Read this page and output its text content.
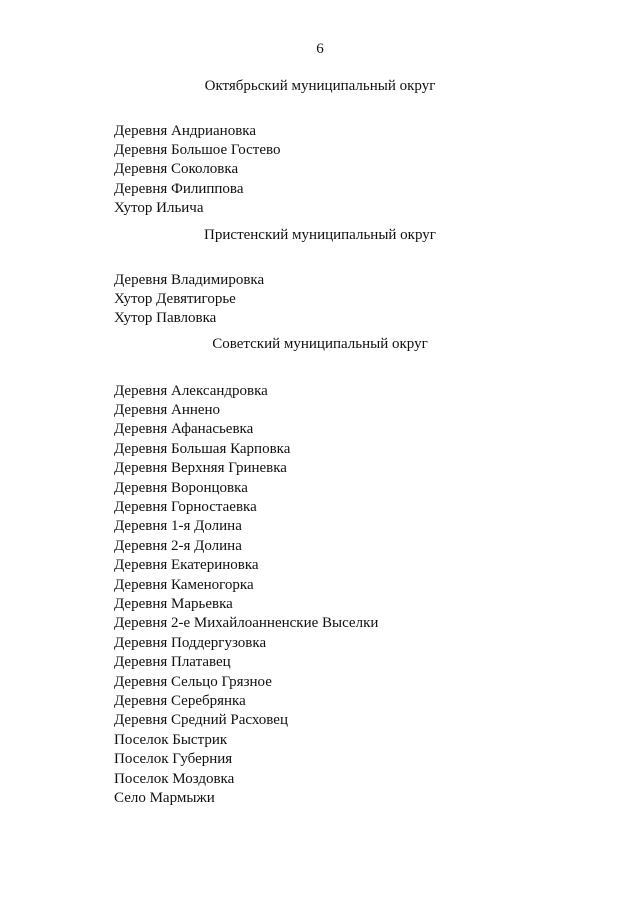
6
Октябрьский муниципальный округ
Деревня Андриановка
Деревня Большое Гостево
Деревня Соколовка
Деревня Филиппова
Хутор Ильича
Пристенский муниципальный округ
Деревня Владимировка
Хутор Девятигорье
Хутор Павловка
Советский муниципальный округ
Деревня Александровка
Деревня Аннено
Деревня Афанасьевка
Деревня Большая Карповка
Деревня Верхняя Гриневка
Деревня Воронцовка
Деревня Горностаевка
Деревня 1-я Долина
Деревня 2-я Долина
Деревня Екатериновка
Деревня Каменогорка
Деревня Марьевка
Деревня 2-е Михайлоанненские Выселки
Деревня Поддергузовка
Деревня Платавец
Деревня Сельцо Грязное
Деревня Серебрянка
Деревня Средний Расховец
Поселок Быстрик
Поселок Губерния
Поселок Моздовка
Село Мармыжи
